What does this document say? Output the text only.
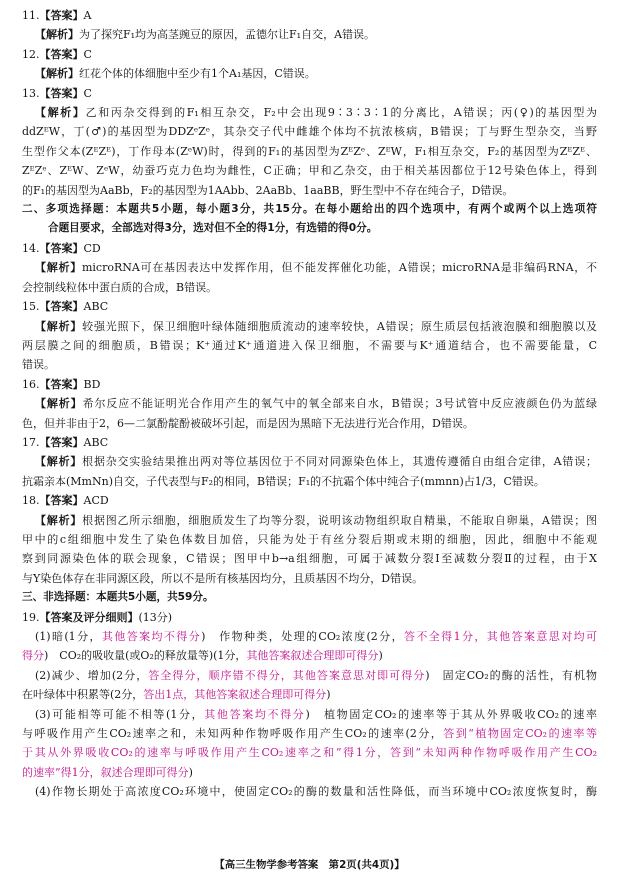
11.【答案】A
【解析】为了探究F₁均为高茎豌豆的原因，孟德尔让F₁自交，A错误。
12.【答案】C
【解析】红花个体的体细胞中至少有1个A₁基因，C错误。
13.【答案】C
【解析】乙和丙杂交得到的F₁相互杂交，F₂中会出现9∶3∶3∶1的分离比，A错误；丙(♀)的基因型为
ddZᴱW，丁(♂)的基因型为DDZᵉZᵉ，其杂交子代中雌雄个体均不抗浓核病，B错误；丁与野生型杂交，当野
生型作父本(ZᴱZᴱ)，丁作母本(ZᵉW)时，得到的F₁的基因型为ZᴱZᵉ、ZᴱW，F₁相互杂交，F₂的基因型为ZᴱZᴱ、
ZᴱZᵉ、ZᴱW、ZᵉW，幼蚕巧克力色均为雌性，C正确；甲和乙杂交，由于相关基因都位于12号染色体上，得到
的F₁的基因型为AaBb，F₂的基因型为1AAbb、2AaBb、1aaBB，野生型中不存在纯合子，D错误。
二、多项选择题：本题共5小题，每小题3分，共15分。在每小题给出的四个选项中，有两个或两个以上选项符
合题目要求，全部选对得3分，选对但不全的得1分，有选错的得0分。
14.【答案】CD
【解析】microRNA可在基因表达中发挥作用，但不能发挥催化功能，A错误；microRNA是非编码RNA，不
会控制线粒体中蛋白质的合成，B错误。
15.【答案】ABC
【解析】较强光照下，保卫细胞叶绿体随细胞质流动的速率较快，A错误；原生质层包括液泡膜和细胞膜以及
两层膜之间的细胞质，B错误；K⁺通过K⁺通道进入保卫细胞，不需要与K⁺通道结合，也不需要能量，C
错误。
16.【答案】BD
【解析】希尔反应不能证明光合作用产生的氧气中的氧全部来自水，B错误；3号试管中反应液颜色仍为蓝绿
色，但并非由于2，6—二氯酚靛酚被破坏引起，而是因为黑暗下无法进行光合作用，D错误。
17.【答案】ABC
【解析】根据杂交实验结果推出两对等位基因位于不同对同源染色体上，其遗传遵循自由组合定律，A错误；
抗霜亲本(MmNn)自交，子代表型与F₂的相同，B错误；F₁的不抗霜个体中纯合子(mmnn)占1/3，C错误。
18.【答案】ACD
【解析】根据图乙所示细胞，细胞质发生了均等分裂，说明该动物组织取自精巢，不能取自卵巢，A错误；图
甲中的c组细胞中发生了染色体数目加倍，只能为处于有丝分裂后期或末期的细胞，因此，细胞中不能观
察到同源染色体的联会现象，C错误；图甲中b→a组细胞，可属于减数分裂Ⅰ至减数分裂Ⅱ的过程，由于X
与Y染色体存在非同源区段，所以不是所有核基因均分，且质基因不均分，D错误。
三、非选择题：本题共5小题，共59分。
19.【答案及评分细则】(13分)
(1)暗(1分，其他答案均不得分)　作物种类，处理的CO₂浓度(2分，答不全得1分，其他答案意思对均可
得分)　CO₂的吸收量(或O₂的释放量等)(1分，其他答案叙述合理即可得分)
(2)减少、增加(2分，答全得分，顺序错不得分，其他答案意思对即可得分)　固定CO₂的酶的活性，有机物
在叶绿体中积累等(2分，答出1点，其他答案叙述合理即可得分)
(3)可能相等可能不相等(1分，其他答案均不得分)　植物固定CO₂的速率等于其从外界吸收CO₂的速率
与呼吸作用产生CO₂速率之和，未知两种作物呼吸作用产生CO₂的速率(2分，答到“植物固定CO₂的速率等
于其从外界吸收CO₂的速率与呼吸作用产生CO₂速率之和”得1分，答到“未知两种作物呼吸作用产生CO₂
的速率”得1分，叙述合理即可得分)
(4)作物长期处于高浓度CO₂环境中，使固定CO₂的酶的数量和活性降低，而当环境中CO₂浓度恢复时，酶
【高三生物学参考答案　第2页(共4页)】
